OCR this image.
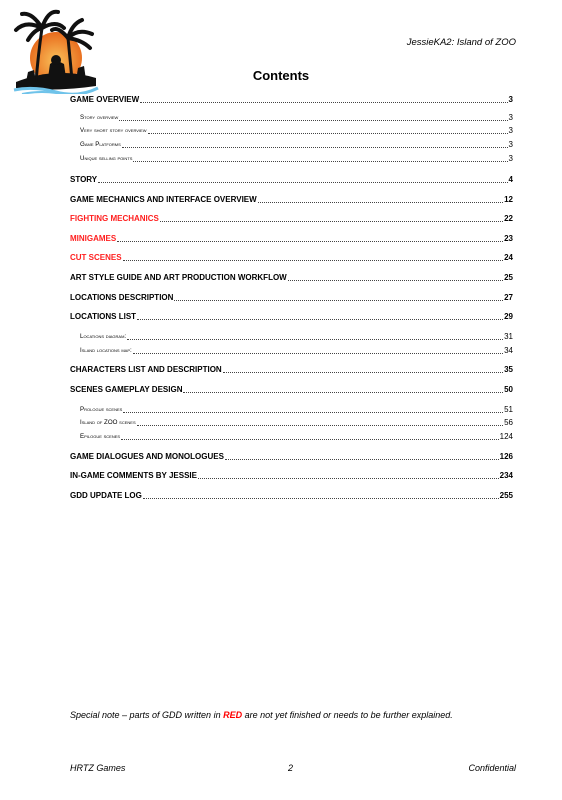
JessieKA2: Island of ZOO
Contents
GAME OVERVIEW	3
Story overview	3
Very short story overview	3
Game Platforms	3
Unique selling points	3
STORY	4
GAME MECHANICS AND INTERFACE OVERVIEW	12
FIGHTING MECHANICS	22
MINIGAMES	23
CUT SCENES	24
ART STYLE GUIDE AND ART PRODUCTION WORKFLOW	25
LOCATIONS DESCRIPTION	27
LOCATIONS LIST	29
Locations diagram:	31
Island locations map:	34
CHARACTERS LIST AND DESCRIPTION	35
SCENES GAMEPLAY DESIGN	50
Prologue scenes	51
Island of ZOO scenes	56
Epilogue scenes	124
GAME DIALOGUES AND MONOLOGUES	126
IN-GAME COMMENTS BY JESSIE	234
GDD UPDATE LOG	255
Special note – parts of GDD written in RED are not yet finished or needs to be further explained.
HRTZ Games	2	Confidential
